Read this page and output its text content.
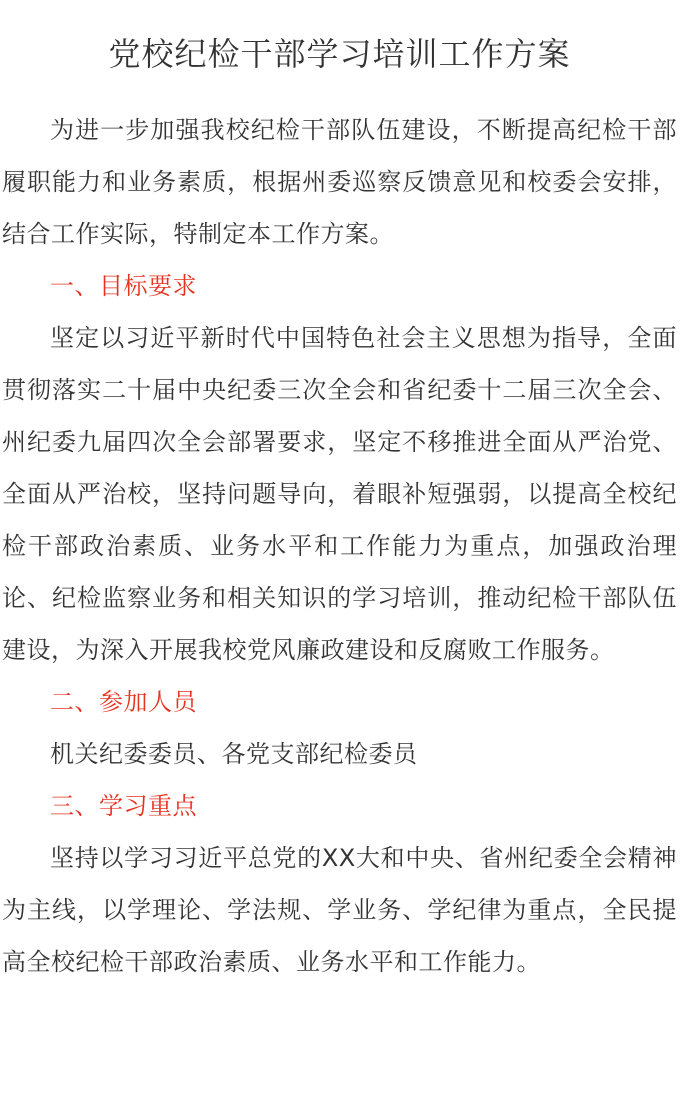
党校纪检干部学习培训工作方案

为进一步加强我校纪检干部队伍建设，不断提高纪检干部履职能力和业务素质，根据州委巡察反馈意见和校委会安排，结合工作实际，特制定本工作方案。

一、目标要求

坚定以习近平新时代中国特色社会主义思想为指导，全面贯彻落实二十届中央纪委三次全会和省纪委十二届三次全会、州纪委九届四次全会部署要求，坚定不移推进全面从严治党、全面从严治校，坚持问题导向，着眼补短强弱，以提高全校纪检干部政治素质、业务水平和工作能力为重点，加强政治理论、纪检监察业务和相关知识的学习培训，推动纪检干部队伍建设，为深入开展我校党风廉政建设和反腐败工作服务。

二、参加人员

机关纪委委员、各党支部纪检委员

三、学习重点

坚持以学习习近平总党的XX大和中央、省州纪委全会精神为主线，以学理论、学法规、学业务、学纪律为重点，全民提高全校纪检干部政治素质、业务水平和工作能力。
